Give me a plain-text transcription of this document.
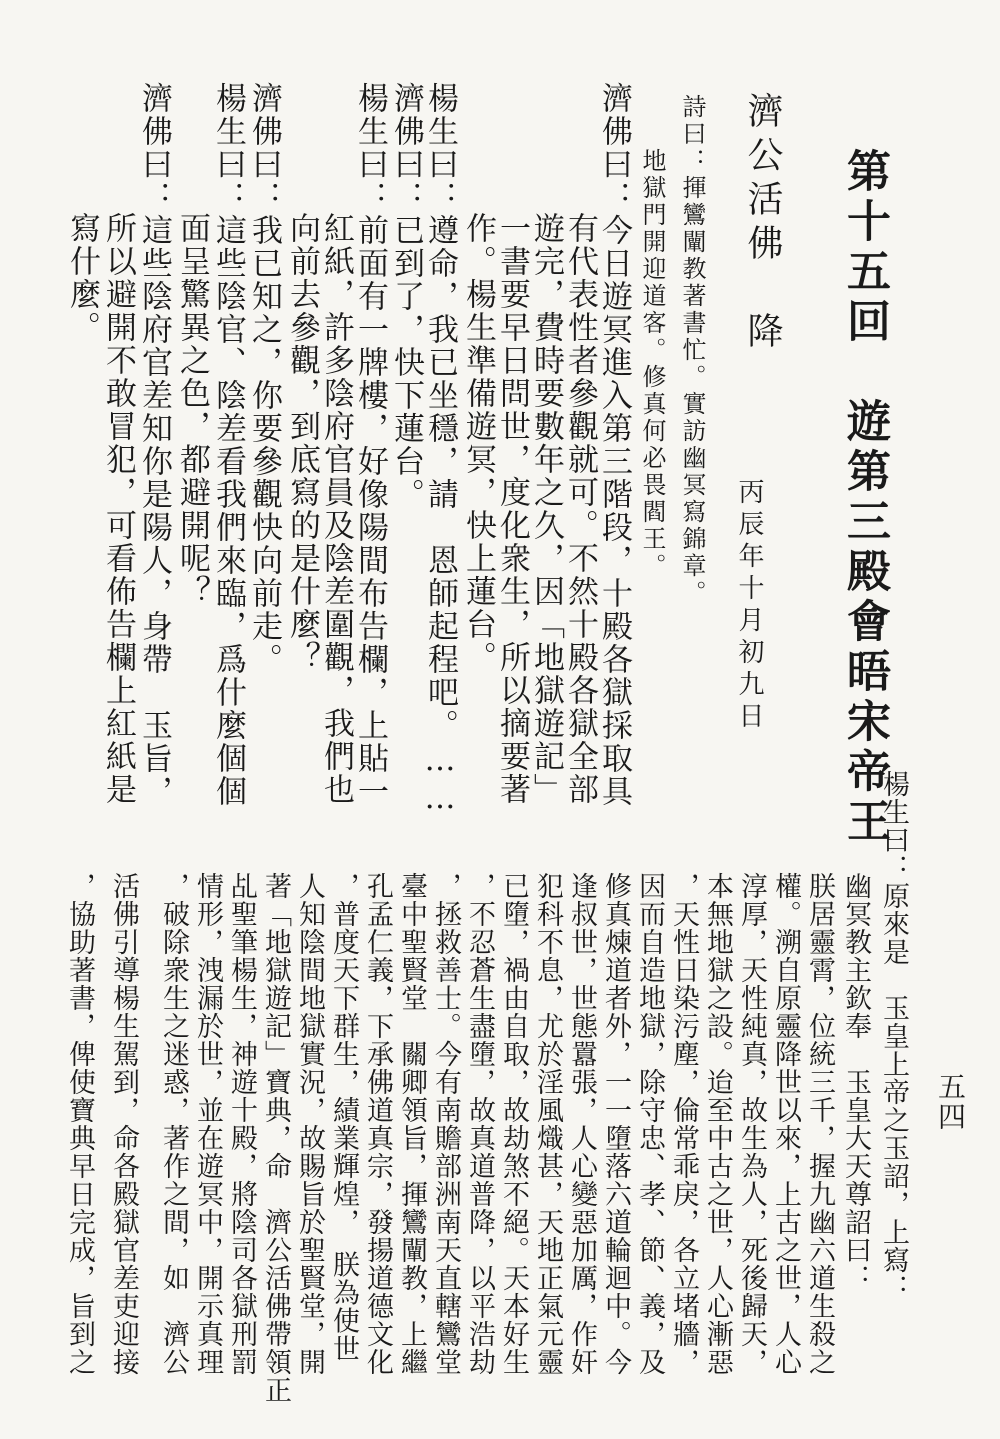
第十五回　遊第三殿會晤宋帝王
濟公活佛　降
丙辰年十月初九日
詩曰：揮鸞闡教著書忙。實訪幽冥寫錦章。
地獄門開迎道客。修真何必畏閻王。
濟佛曰：今日遊冥進入第三階段，十殿各獄採取具
有代表性者參觀就可。不然十殿各獄全部
遊完，費時要數年之久，因「地獄遊記」
一書要早日問世，度化衆生，所以摘要著
作。楊生準備遊冥，快上蓮台。
楊生曰：遵命，我已坐穩，請　恩師起程吧。……
濟佛曰：已到了，快下蓮台。
楊生曰：前面有一牌樓，好像陽間布告欄，上貼一
紅紙，許多陰府官員及陰差圍觀，我們也
向前去參觀，到底寫的是什麼？
濟佛曰：我已知之，你要參觀快向前走。
楊生曰：這些陰官、陰差看我們來臨，爲什麼個個
面呈驚異之色，都避開呢？
濟佛曰：這些陰府官差知你是陽人，身帶　玉旨，
所以避開不敢冒犯，可看佈告欄上紅紙是
寫什麼。
五四
楊生曰：原來是　玉皇上帝之玉詔，上寫：
幽冥教主欽奉　玉皇大天尊詔曰：
朕居靈霄，位統三千，握九幽六道生殺之
權。溯自原靈降世以來，上古之世，人心
淳厚，天性純真，故生為人，死後歸天，
本無地獄之設。迨至中古之世，人心漸惡
，天性日染污塵，倫常乖戾，各立堵牆，
因而自造地獄，除守忠、孝、節、義，及
修真煉道者外，一一墮落六道輪迴中。今
逢叔世，世態囂張，人心變惡加厲，作奸
犯科不息，尤於淫風熾甚，天地正氣元靈
已墮，禍由自取，故劫煞不絕。天本好生
，不忍蒼生盡墮，故真道普降，以平浩劫
，拯救善士。今有南贍部洲南天直轄鸞堂
臺中聖賢堂　關卿領旨，揮鸞闡教，上繼
孔孟仁義，下承佛道真宗，發揚道德文化
，普度天下群生，績業輝煌，　朕為使世
人知陰間地獄實況，故賜旨於聖賢堂，開
著「地獄遊記」寶典，命　濟公活佛帶領正
乩聖筆楊生，神遊十殿，將陰司各獄刑罰
情形，洩漏於世，並在遊冥中，開示真理
，破除衆生之迷惑，著作之間，如　濟公
活佛引導楊生駕到，命各殿獄官差吏迎接
，協助著書，俾使寶典早日完成，旨到之
